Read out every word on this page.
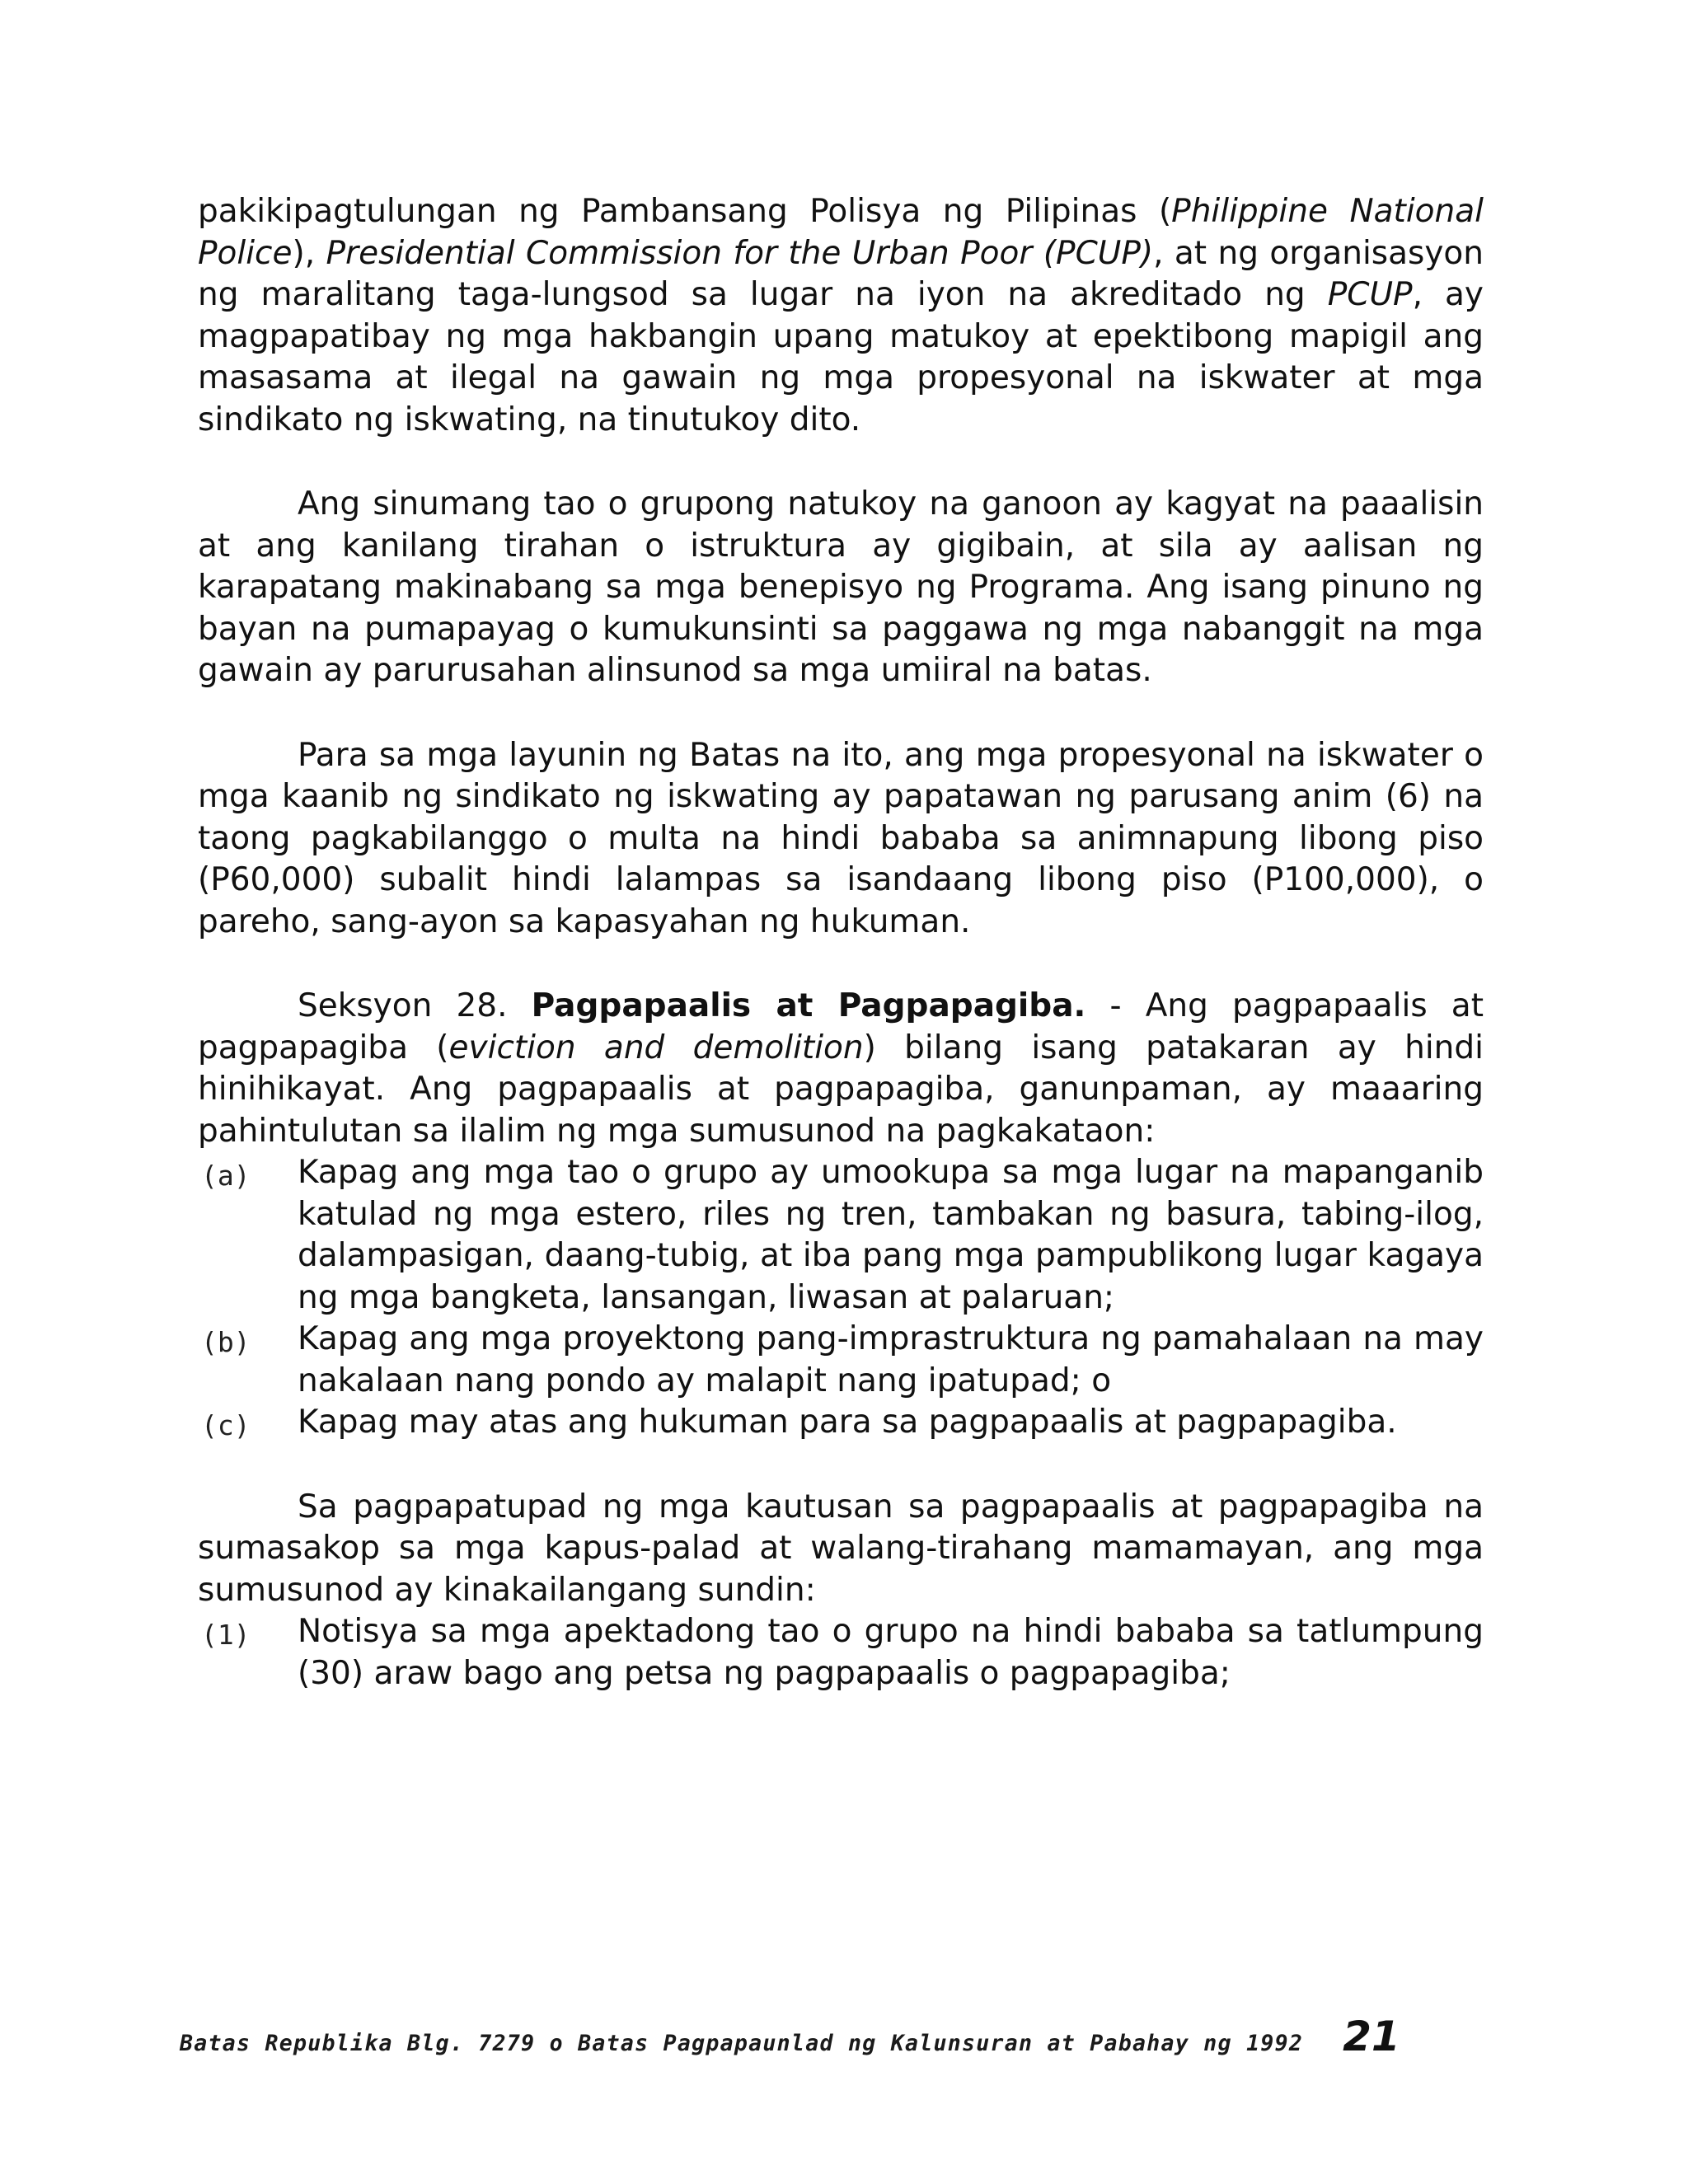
pakikipagtulungan ng Pambansang Polisya ng Pilipinas (Philippine National Police), Presidential Commission for the Urban Poor (PCUP), at ng organisasyon ng maralitang taga-lungsod sa lugar na iyon na akreditado ng PCUP, ay magpapatibay ng mga hakbangin upang matukoy at epektibong mapigil ang masasama at ilegal na gawain ng mga propesyonal na iskwater at mga sindikato ng iskwating, na tinutukoy dito.

Ang sinumang tao o grupong natukoy na ganoon ay kagyat na paaalisin at ang kanilang tirahan o istruktura ay gigibain, at sila ay aalisan ng karapatang makinabang sa mga benepisyo ng Programa. Ang isang pinuno ng bayan na pumapayag o kumukunsinti sa paggawa ng mga nabanggit na mga gawain ay parurusahan alinsunod sa mga umiiral na batas.

Para sa mga layunin ng Batas na ito, ang mga propesyonal na iskwater o mga kaanib ng sindikato ng iskwating ay papatawan ng parusang anim (6) na taong pagkabilanggo o multa na hindi bababa sa animnapung libong piso (P60,000) subalit hindi lalampas sa isandaang libong piso (P100,000), o pareho, sang-ayon sa kapasyahan ng hukuman.

Seksyon 28. Pagpapaalis at Pagpapagiba. - Ang pagpapaalis at pagpapagiba (eviction and demolition) bilang isang patakaran ay hindi hinihikayat. Ang pagpapaalis at pagpapagiba, ganunpaman, ay maaaring pahintulutan sa ilalim ng mga sumusunod na pagkakataon:

(a) Kapag ang mga tao o grupo ay umookupa sa mga lugar na mapanganib katulad ng mga estero, riles ng tren, tambakan ng basura, tabing-ilog, dalampasigan, daang-tubig, at iba pang mga pampublikong lugar kagaya ng mga bangketa, lansangan, liwasan at palaruan;
(b) Kapag ang mga proyektong pang-imprastruktura ng pamahalaan na may nakalaan nang pondo ay malapit nang ipatupad; o
(c) Kapag may atas ang hukuman para sa pagpapaalis at pagpapagiba.

Sa pagpapatupad ng mga kautusan sa pagpapaalis at pagpapagiba na sumasakop sa mga kapus-palad at walang-tirahang mamamayan, ang mga sumusunod ay kinakailangang sundin:

(1) Notisya sa mga apektadong tao o grupo na hindi bababa sa tatlumpung (30) araw bago ang petsa ng pagpapaalis o pagpapagiba;
Batas Republika Blg. 7279 o Batas Pagpapaunlad ng Kalunsuran at Pabahay ng 1992 21
